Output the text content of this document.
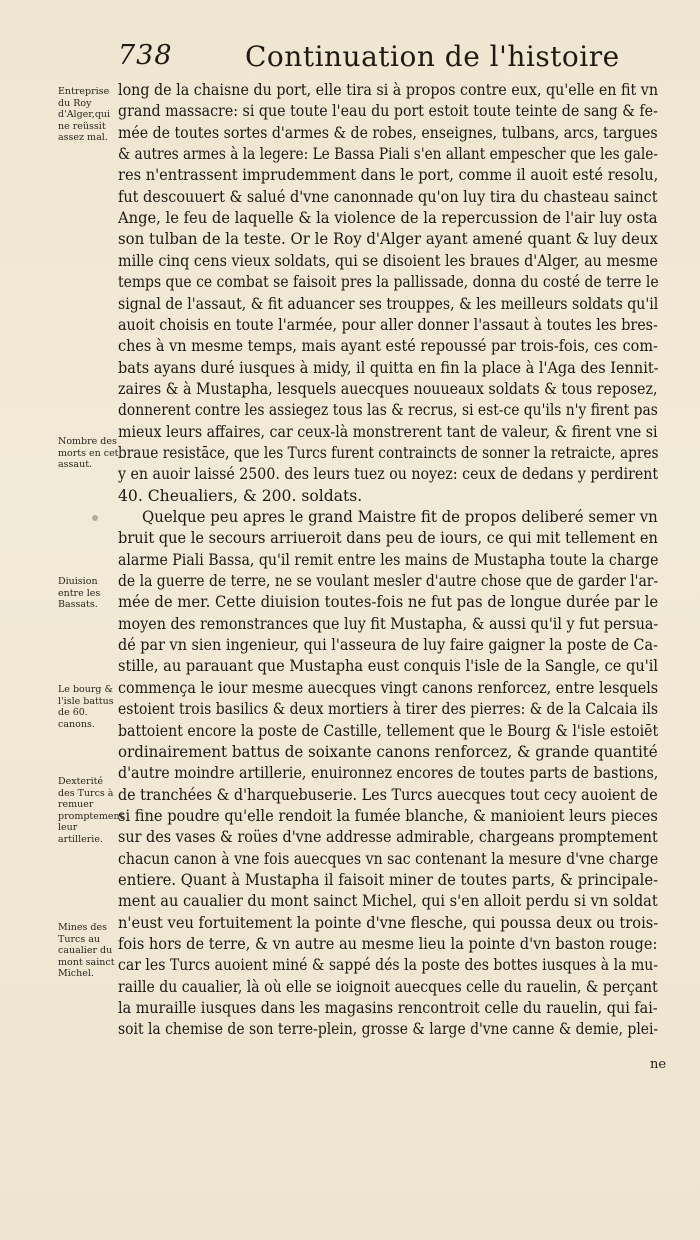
738	Continuation de l'histoire
Entreprise du Roy d'Alger,qui ne reüssit assez mal.
Nombre des morts en cet assaut.
Diuision entre les Bassats.
Le bourg & l'isle battus de 60. canons.
Dexterité des Turcs à remuer promptement leur artillerie.
Mines des Turcs au caualier du mont sainct Michel.
long de la chaisne du port, elle tira si à propos contre eux, qu'elle en fit vn
grand massacre: si que toute l'eau du port estoit toute teinte de sang & fe-
mée de toutes sortes d'armes & de robes, enseignes, tulbans, arcs, targues
& autres armes à la legere: Le Bassa Piali s'en allant empescher que les gale-
res n'entrassent imprudemment dans le port, comme il auoit esté resolu,
fut descouuert & salué d'vne canonnade qu'on luy tira du chasteau sainct
Ange, le feu de laquelle & la violence de la repercussion de l'air luy osta
son tulban de la teste. Or le Roy d'Alger ayant amené quant & luy deux
mille cinq cens vieux soldats, qui se disoient les braues d'Alger, au mesme
temps que ce combat se faisoit pres la pallissade, donna du costé de terre le
signal de l'assaut, & fit aduancer ses trouppes, & les meilleurs soldats qu'il
auoit choisis en toute l'armée, pour aller donner l'assaut à toutes les bres-
ches à vn mesme temps, mais ayant esté repoussé par trois-fois, ces com-
bats ayans duré iusques à midy, il quitta en fin la place à l'Aga des Iennit-
zaires & à Mustapha, lesquels auecques nouueaux soldats & tous reposez,
donnerent contre les assiegez tous las & recrus, si est-ce qu'ils n'y firent pas
mieux leurs affaires, car ceux-là monstrerent tant de valeur, & firent vne si
braue resistāce, que les Turcs furent contraincts de sonner la retraicte, apres
y en auoir laissé 2500. des leurs tuez ou noyez: ceux de dedans y perdirent
40. Cheualiers, & 200. soldats.
Quelque peu apres le grand Maistre fit de propos deliberé semer vn
bruit que le secours arriueroit dans peu de iours, ce qui mit tellement en
alarme Piali Bassa, qu'il remit entre les mains de Mustapha toute la charge
de la guerre de terre, ne se voulant mesler d'autre chose que de garder l'ar-
mée de mer. Cette diuision toutes-fois ne fut pas de longue durée par le
moyen des remonstrances que luy fit Mustapha, & aussi qu'il y fut persua-
dé par vn sien ingenieur, qui l'asseura de luy faire gaigner la poste de Ca-
stille, au parauant que Mustapha eust conquis l'isle de la Sangle, ce qu'il
commença le iour mesme auecques vingt canons renforcez, entre lesquels
estoient trois basilics & deux mortiers à tirer des pierres: & de la Calcaia ils
battoient encore la poste de Castille, tellement que le Bourg & l'isle estoiēt
ordinairement battus de soixante canons renforcez, & grande quantité
d'autre moindre artillerie, enuironnez encores de toutes parts de bastions,
de tranchées & d'harquebuserie. Les Turcs auecques tout cecy auoient de
si fine poudre qu'elle rendoit la fumée blanche, & manioient leurs pieces
sur des vases & roües d'vne addresse admirable, chargeans promptement
chacun canon à vne fois auecques vn sac contenant la mesure d'vne charge
entiere. Quant à Mustapha il faisoit miner de toutes parts, & principale-
ment au caualier du mont sainct Michel, qui s'en alloit perdu si vn soldat
n'eust veu fortuitement la pointe d'vne flesche, qui poussa deux ou trois-
fois hors de terre, & vn autre au mesme lieu la pointe d'vn baston rouge:
car les Turcs auoient miné & sappé dés la poste des bottes iusques à la mu-
raille du caualier, là où elle se ioignoit auecques celle du rauelin, & perçant
la muraille iusques dans les magasins rencontroit celle du rauelin, qui fai-
soit la chemise de son terre-plein, grosse & large d'vne canne & demie, plei-
ne
